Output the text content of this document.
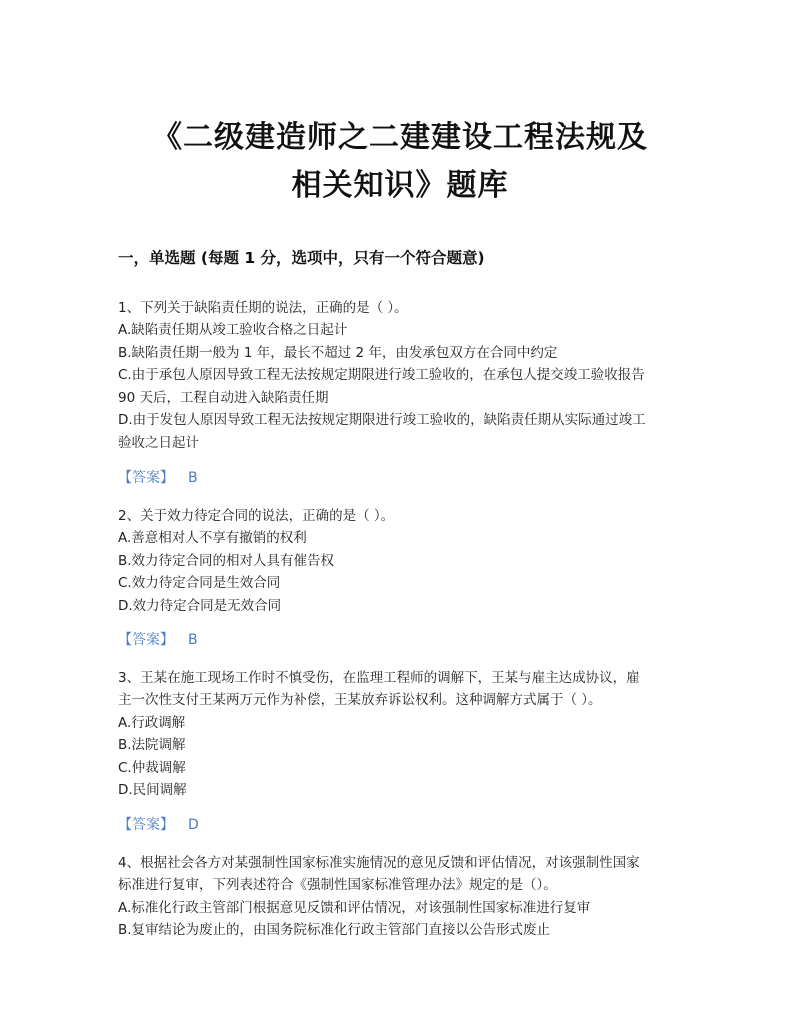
《二级建造师之二建建设工程法规及
相关知识》题库
一，单选题 (每题 1 分，选项中，只有一个符合题意)
1、下列关于缺陷责任期的说法，正确的是（ ）。
A.缺陷责任期从竣工验收合格之日起计
B.缺陷责任期一般为 1 年，最长不超过 2 年，由发承包双方在合同中约定
C.由于承包人原因导致工程无法按规定期限进行竣工验收的，在承包人提交竣工验收报告
90 天后，工程自动进入缺陷责任期
D.由于发包人原因导致工程无法按规定期限进行竣工验收的，缺陷责任期从实际通过竣工
验收之日起计
【答案】 B
2、关于效力待定合同的说法，正确的是（ ）。
A.善意相对人不享有撤销的权利
B.效力待定合同的相对人具有催告权
C.效力待定合同是生效合同
D.效力待定合同是无效合同
【答案】 B
3、王某在施工现场工作时不慎受伤，在监理工程师的调解下，王某与雇主达成协议，雇
主一次性支付王某两万元作为补偿，王某放弃诉讼权利。这种调解方式属于（ ）。
A.行政调解
B.法院调解
C.仲裁调解
D.民间调解
【答案】 D
4、根据社会各方对某强制性国家标准实施情况的意见反馈和评估情况，对该强制性国家
标准进行复审，下列表述符合《强制性国家标准管理办法》规定的是（）。
A.标准化行政主管部门根据意见反馈和评估情况，对该强制性国家标准进行复审
B.复审结论为废止的，由国务院标准化行政主管部门直接以公告形式废止
